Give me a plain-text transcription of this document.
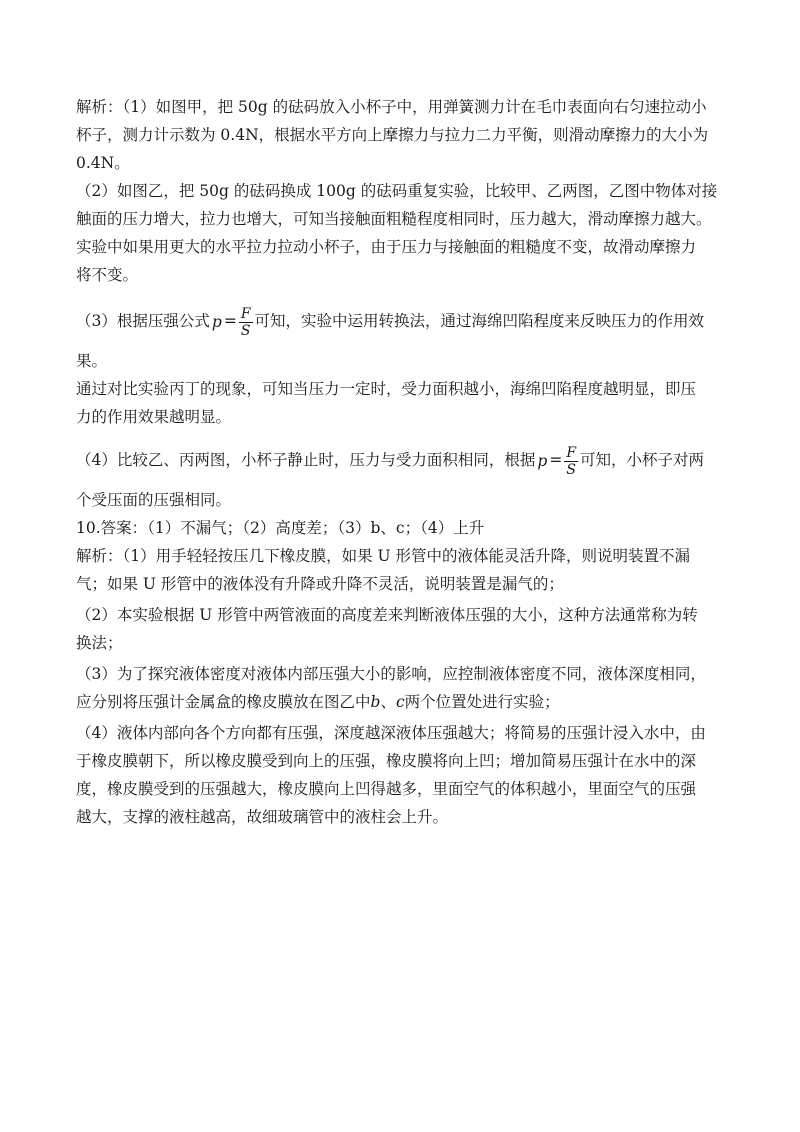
解析：（1）如图甲，把 50g 的砝码放入小杯子中，用弹簧测力计在毛巾表面向右匀速拉动小
杯子，测力计示数为 0.4N，根据水平方向上摩擦力与拉力二力平衡，则滑动摩擦力的大小为
0.4N。

（2）如图乙，把 50g 的砝码换成 100g 的砝码重复实验，比较甲、乙两图，乙图中物体对接
触面的压力增大，拉力也增大，可知当接触面粗糙程度相同时，压力越大，滑动摩擦力越大。
实验中如果用更大的水平拉力拉动小杯子，由于压力与接触面的粗糙度不变，故滑动摩擦力
将不变。

（3）根据压强公式 $p = \frac{F}{S}$ 可知，实验中运用转换法，通过海绵凹陷程度来反映压力的作用效
果。
通过对比实验丙丁的现象，可知当压力一定时，受力面积越小，海绵凹陷程度越明显，即压
力的作用效果越明显。

（4）比较乙、丙两图，小杯子静止时，压力与受力面积相同，根据 $p = \frac{F}{S}$ 可知，小杯子对两
个受压面的压强相同。

10.答案：（1）不漏气；（2）高度差；（3）b、c；（4）上升

解析：（1）用手轻轻按压几下橡皮膜，如果 U 形管中的液体能灵活升降，则说明装置不漏
气；如果 U 形管中的液体没有升降或升降不灵活，说明装置是漏气的；

（2）本实验根据 U 形管中两管液面的高度差来判断液体压强的大小，这种方法通常称为转
换法；

（3）为了探究液体密度对液体内部压强大小的影响，应控制液体密度不同，液体深度相同，
应分别将压强计金属盒的橡皮膜放在图乙中b、c两个位置处进行实验；

（4）液体内部向各个方向都有压强，深度越深液体压强越大；将简易的压强计浸入水中，由
于橡皮膜朝下，所以橡皮膜受到向上的压强，橡皮膜将向上凹；增加简易压强计在水中的深
度，橡皮膜受到的压强越大，橡皮膜向上凹得越多，里面空气的体积越小，里面空气的压强
越大，支撑的液柱越高，故细玻璃管中的液柱会上升。
